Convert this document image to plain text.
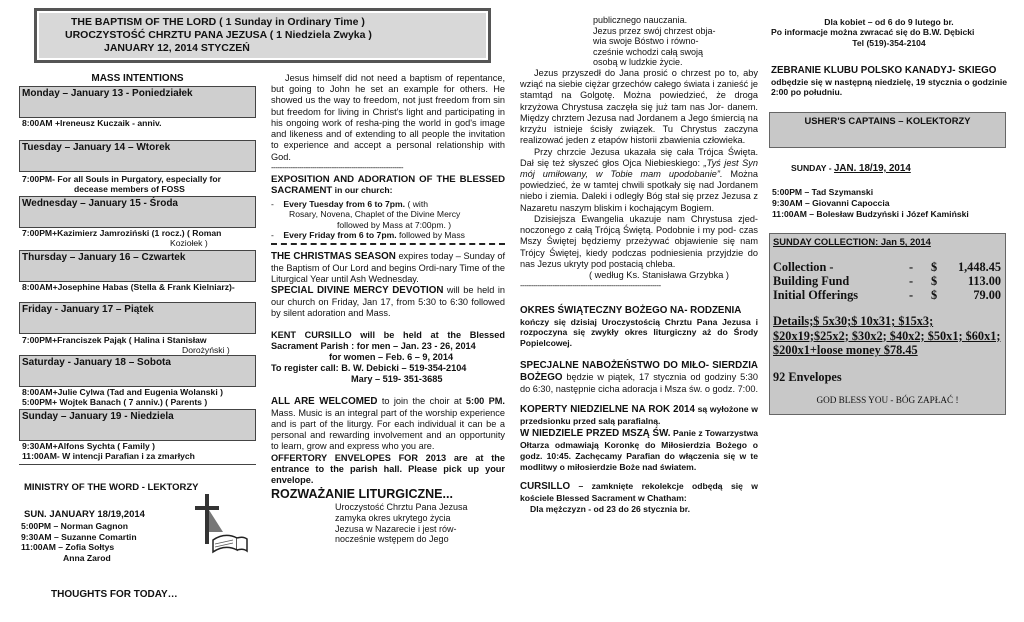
THE BAPTISM OF THE LORD ( 1 Sunday in Ordinary Time )
UROCZYSTOŚĆ CHRZTU PANA JEZUSA ( 1 Niedziela Zwyka )
JANUARY 12, 2014 STYCZEŃ
MASS INTENTIONS
Monday – January 13 - Poniedziałek
8:00AM +Ireneusz Kuczaik - anniv.
Tuesday – January 14 – Wtorek
7:00PM- For all Souls in Purgatory, especially for
decease members of FOSS
Wednesday – January 15 - Środa
7:00PM+Kazimierz Jamroziński (1 rocz.) ( Roman
Koziołek )
Thursday – January 16 – Czwartek
8:00AM+Josephine Habas (Stella & Frank Kielniarz)-
Friday - January 17 – Piątek
7:00PM+Franciszek Pająk ( Halina i Stanisław
Dorożyński )
Saturday - January 18 – Sobota
8:00AM+Julie Cylwa (Tad and Eugenia Wolanski )
5:00PM+ Wojtek Banach ( 7 anniv.) ( Parents )
Sunday – January 19 - Niedziela
9:30AM+Alfons Sychta ( Family )
11:00AM- W intencji Parafian i za zmarłych
MINISTRY OF THE WORD - LEKTORZY
SUN. JANUARY 18/19,2014
5:00PM – Norman Gagnon
9:30AM – Suzanne Comartin
11:00AM – Zofia Sołtys
Anna Zarod
THOUGHTS FOR TODAY…

Jesus himself did not need a baptism of repentance, but going to John he set an example for others. He showed us the way to freedom, not just freedom from sin but freedom for living in Christ's light and participating in his ongoing work of resha-ping the world in god's image and likeness and of extending to all people the invitation to experience and accept a personal relationship with God.

-------------------------------------------------------------

EXPOSITION AND ADORATION OF THE BLESSED SACRAMENT in our church:

-    Every Tuesday from 6 to 7pm. ( with

Rosary, Novena, Chaplet of the Divine Mercy

followed by Mass at 7:00pm. )

-    Every Friday from 6 to 7pm. followed by Mass

THE CHRISTMAS SEASON expires today – Sunday of the Baptism of Our Lord and begins Ordi-nary Time of the Liturgical Year until Ash Wednesday.

SPECIAL DIVINE MERCY DEVOTION will be held in our church on Friday, Jan 17, from 5:30 to 6:30 followed by silent adoration and Mass.

KENT CURSILLO will be held at the Blessed Sacrament Parish : for men – Jan. 23 - 26, 2014

for women – Feb. 6 – 9, 2014

To register call: B. W. Debicki – 519-354-2104

Mary – 519- 351-3685

ALL ARE WELCOMED to join the choir at 5:00 PM. Mass. Music is an integral part of the worship experience and is part of the liturgy. For each individual it can be a personal and rewarding involvement and an opportunity to learn, grow and express who you are.

OFFERTORY ENVELOPES FOR 2013 are at the entrance to the parish hall. Please pick up your envelope.

ROZWAŻANIE LITURGICZNE...

Uroczystość Chrztu Pana Jezusa
zamyka okres ukrytego życia
Jezusa w Nazarecie i jest rów-
nocześnie wstępem do Jego
publicznego nauczania.
Jezus przez swój chrzest obja-
wia swoje Bóstwo i równo-
cześnie wchodzi całą swoją
osobą w ludzkie życie.

Jezus przyszedł do Jana prosić o chrzest po to, aby wziąć na siebie ciężar grzechów całego świata i zanieść je stamtąd na Golgotę. Można powiedzieć, że droga krzyżowa Chrystusa zaczęła się już tam nas Jor- danem. Między chrztem Jezusa nad Jordanem a Jego śmiercią na krzyżu istnieje ścisły związek. Tu Chrystus zaczyna realizować jeden z etapów historii zbawienia człowieka.

Przy chrzcie Jezusa ukazała się cała Trójca Święta. Dał się też słyszeć głos Ojca Niebieskiego: „Tyś jest Syn mój umiłowany, w Tobie mam upodobanie”. Można powiedzieć, że w tamtej chwili spotkały się nad Jordanem niebo i ziemia. Daleki i odległy Bóg stał się przez Jezusa z Nazaretu naszym bliskim i kochającym Bogiem.

Dzisiejsza Ewangelia ukazuje nam Chrystusa zjed- noczonego z całą Trójcą Świętą. Podobnie i my pod- czas Mszy Świętej będziemy przeżywać objawienie się nam Trójcy Świętej, kiedy podczas podniesienia przyjdzie do nas Jezus ukryty pod postacią chleba.

( według Ks. Stanisława Grzybka )

-----------------------------------------------------------------

OKRES ŚWIĄTECZNY BOŻEGO NA- RODZENIA

kończy się dzisiaj Uroczystością Chrztu Pana Jezusa i rozpoczyna się zwykły okres liturgiczny aż do Środy Popielcowej.

SPECJALNE NABOŻEŃSTWO DO MIŁO- SIERDZIA BOŻEGO będzie w piątek, 17 stycznia od godziny 5:30 do 6:30, następnie cicha adoracja i Msza św. o godz. 7:00.

KOPERTY NIEDZIELNE NA ROK 2014 są wyłożone w przedsionku przed salą parafialną.

W NIEDZIELE PRZED MSZĄ ŚW. Panie z Towarzystwa Ołtarza odmawiają Koronkę do Miłosierdzia Bożego o godz. 10:45. Zachęcamy Parafian do włączenia się w te modlitwy o miłosierdzie Boże nad światem.

CURSILLO – zamknięte rekolekcje odbędą się w kościele Blessed Sacrament w Chatham:

Dla mężczyzn - od 23 do 26 stycznia br.

Dla kobiet – od 6 do 9 lutego br.

Po informacje można zwracać się do B.W. Dębicki

Tel (519)-354-2104

ZEBRANIE KLUBU POLSKO KANADYJ- SKIEGO

odbędzie się w następną niedzielę, 19 stycznia o godzinie 2:00 po południu.

USHER'S CAPTAINS – KOLEKTORZY
SUNDAY - JAN. 18/19, 2014
5:00PM – Tad Szymanski
9:30AM – Giovanni Capoccia
11:00AM – Bolesław Budzyński i Józef Kamiński
SUNDAY COLLECTION: Jan 5, 2014
Collection -	-	$	1,448.45
Building Fund	-	$	113.00
Initial Offerings	-	$	79.00
Details;$ 5x30;$ 10x31; $15x3; $20x19;$25x2; $30x2; $40x2; $50x1; $60x1; $200x1+loose money $78.45
92 Envelopes
GOD BLESS YOU - BÓG ZAPŁAĆ !
